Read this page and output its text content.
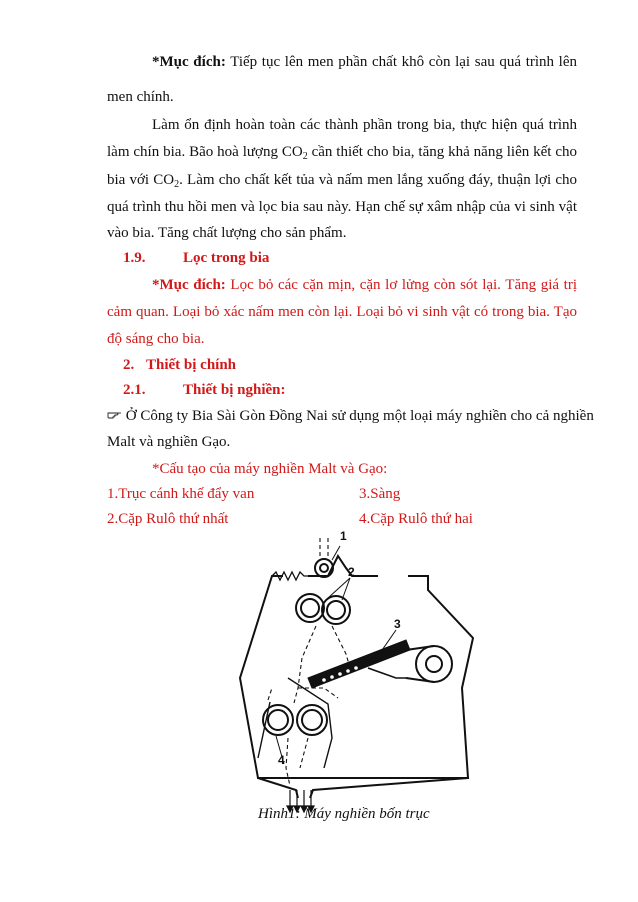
*Mục đích: Tiếp tục lên men phần chất khô còn lại sau quá trình lên
men chính.
Làm ổn định hoàn toàn các thành phần trong bia, thực hiện quá trình
làm chín bia. Bão hoà lượng $CO_2$ cần thiết cho bia, tăng khả năng liên kết cho
bia với $CO_2$. Làm cho chất kết tủa và nấm men lắng xuống đáy, thuận lợi cho
quá trình thu hồi men và lọc bia sau này. Hạn chế sự xâm nhập của vi sinh vật
vào bia. Tăng chất lượng cho sản phẩm.
1.9.	Lọc trong bia
*Mục đích: Lọc bỏ các cặn mịn, cặn lơ lửng còn sót lại. Tăng giá trị
cảm quan. Loại bỏ xác nấm men còn lại. Loại bỏ vi sinh vật có trong bia. Tạo
độ sáng cho bia.
2. Thiết bị chính
2.1.	Thiết bị nghiền:
Ở Công ty Bia Sài Gòn Đồng Nai sử dụng một loại máy nghiền cho cả nghiền
Malt và nghiền Gạo.
*Cấu tạo của máy nghiền Malt và Gạo:
1.Trục cánh khế đẩy van	3.Sàng
2.Cặp Rulô thứ nhất	4.Cặp Rulô thứ hai
1
2
3
4
Hình1: Máy nghiền bốn trục
